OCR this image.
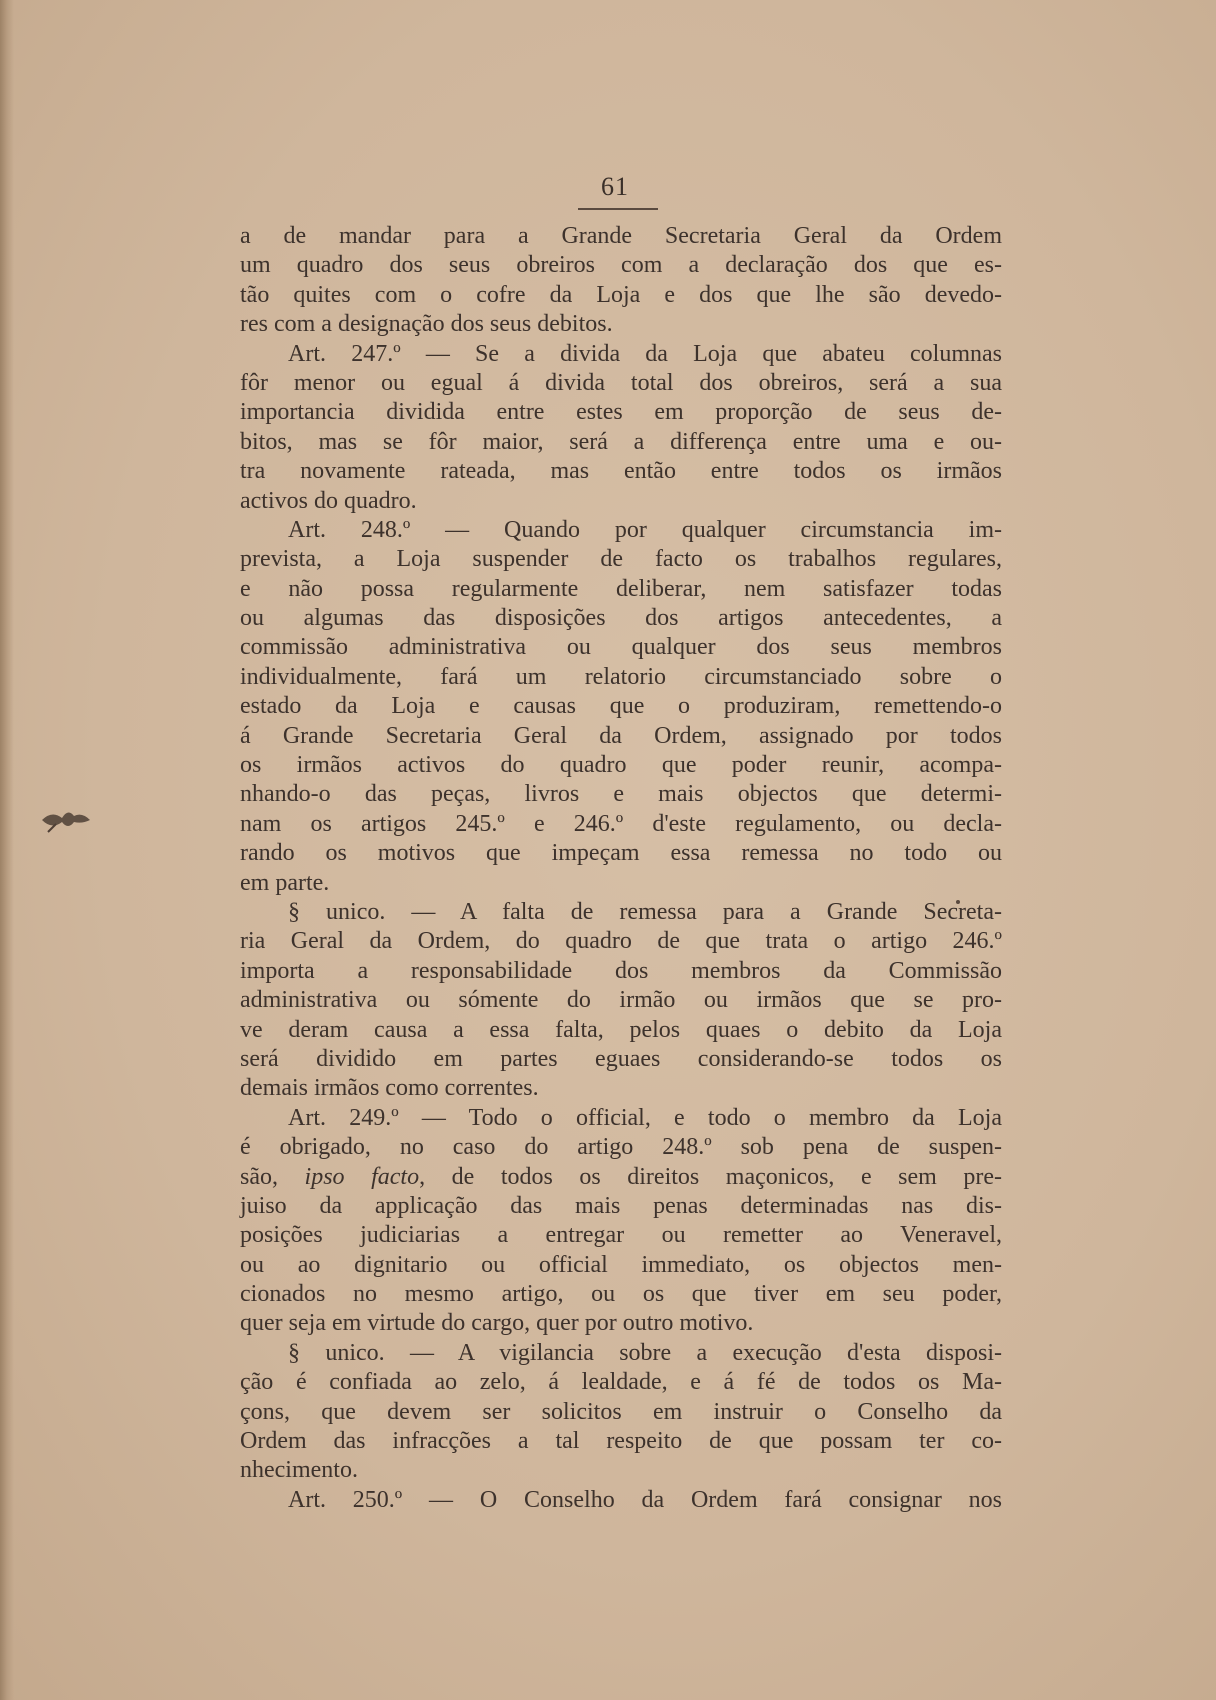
61
a de mandar para a Grande Secretaria Geral da Ordem
um quadro dos seus obreiros com a declaração dos que es-
tão quites com o cofre da Loja e dos que lhe são devedo-
res com a designação dos seus debitos.
Art. 247.º — Se a divida da Loja que abateu columnas
fôr menor ou egual á divida total dos obreiros, será a sua
importancia dividida entre estes em proporção de seus de-
bitos, mas se fôr maior, será a differença entre uma e ou-
tra novamente rateada, mas então entre todos os irmãos
activos do quadro.
Art. 248.º — Quando por qualquer circumstancia im-
prevista, a Loja suspender de facto os trabalhos regulares,
e não possa regularmente deliberar, nem satisfazer todas
ou algumas das disposições dos artigos antecedentes, a
commissão administrativa ou qualquer dos seus membros
individualmente, fará um relatorio circumstanciado sobre o
estado da Loja e causas que o produziram, remettendo-o
á Grande Secretaria Geral da Ordem, assignado por todos
os irmãos activos do quadro que poder reunir, acompa-
nhando-o das peças, livros e mais objectos que determi-
nam os artigos 245.º e 246.º d'este regulamento, ou decla-
rando os motivos que impeçam essa remessa no todo ou
em parte.
§ unico. — A falta de remessa para a Grande Secreta-
ria Geral da Ordem, do quadro de que trata o artigo 246.º
importa a responsabilidade dos membros da Commissão
administrativa ou sómente do irmão ou irmãos que se pro-
ve deram causa a essa falta, pelos quaes o debito da Loja
será dividido em partes eguaes considerando-se todos os
demais irmãos como correntes.
Art. 249.º — Todo o official, e todo o membro da Loja
é obrigado, no caso do artigo 248.º sob pena de suspen-
são, ipso facto, de todos os direitos maçonicos, e sem pre-
juiso da applicação das mais penas determinadas nas dis-
posições judiciarias a entregar ou remetter ao Veneravel,
ou ao dignitario ou official immediato, os objectos men-
cionados no mesmo artigo, ou os que tiver em seu poder,
quer seja em virtude do cargo, quer por outro motivo.
§ unico. — A vigilancia sobre a execução d'esta disposi-
ção é confiada ao zelo, á lealdade, e á fé de todos os Ma-
çons, que devem ser solicitos em instruir o Conselho da
Ordem das infracções a tal respeito de que possam ter co-
nhecimento.
Art. 250.º — O Conselho da Ordem fará consignar nos
